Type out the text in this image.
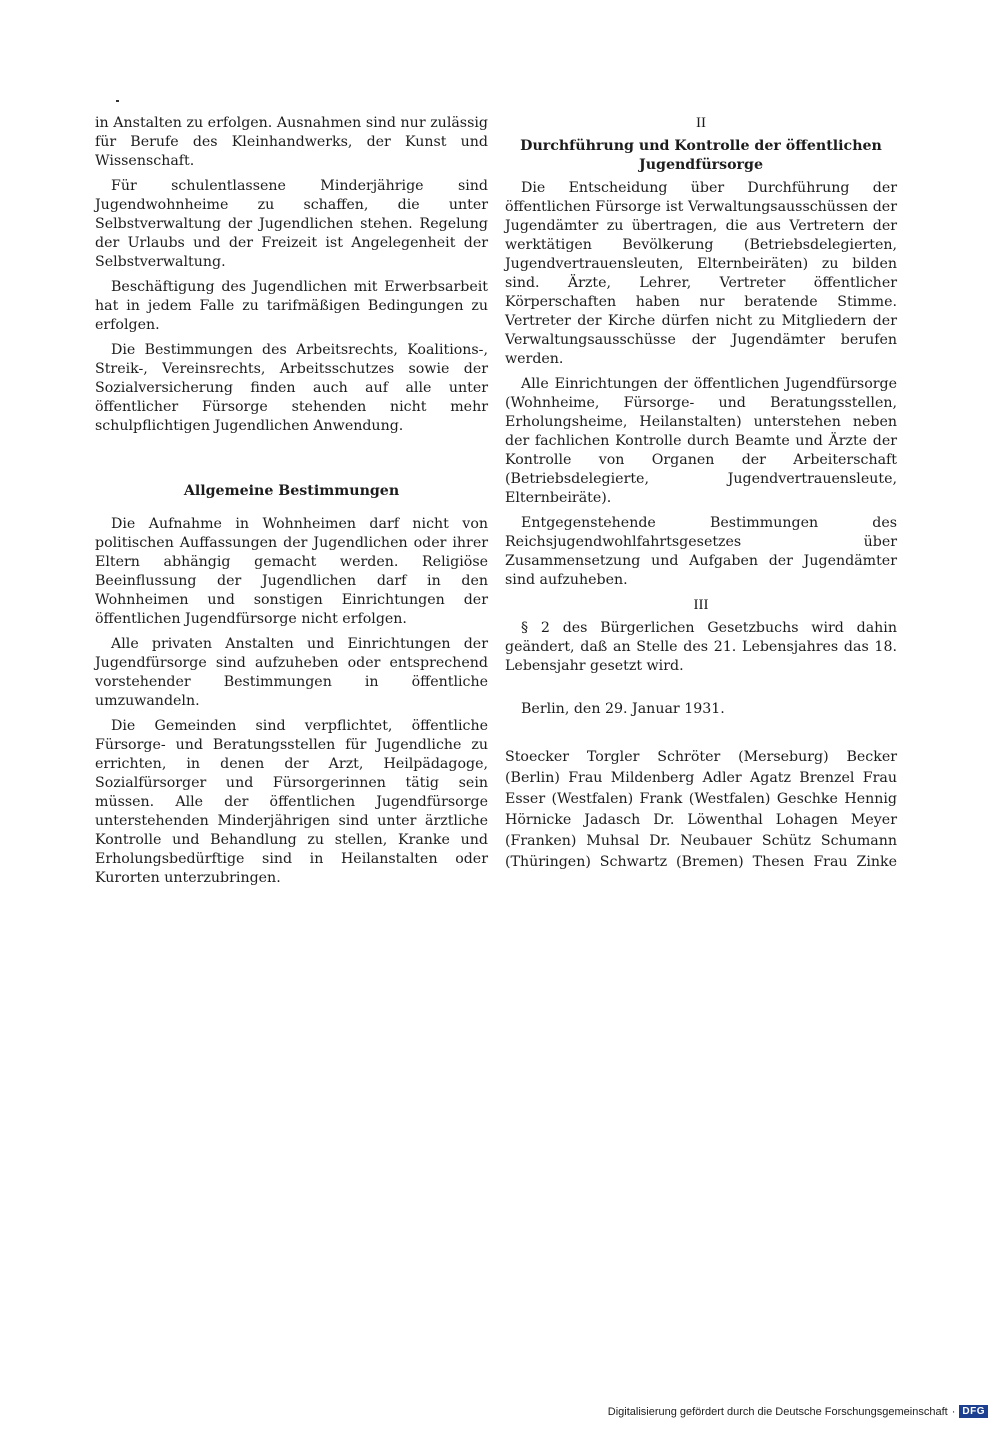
in Anstalten zu erfolgen. Ausnahmen sind nur zulässig für Berufe des Kleinhandwerks, der Kunst und Wissenschaft.

Für schulentlassene Minderjährige sind Jugendwohnheime zu schaffen, die unter Selbstverwaltung der Jugendlichen stehen. Regelung der Urlaubs und der Freizeit ist Angelegenheit der Selbstverwaltung.

Beschäftigung des Jugendlichen mit Erwerbsarbeit hat in jedem Falle zu tarifmäßigen Bedingungen zu erfolgen.

Die Bestimmungen des Arbeitsrechts, Koalitions-, Streik-, Vereinsrechts, Arbeitsschutzes sowie der Sozialversicherung finden auch auf alle unter öffentlicher Fürsorge stehenden nicht mehr schulpflichtigen Jugendlichen Anwendung.

Allgemeine Bestimmungen

Die Aufnahme in Wohnheimen darf nicht von politischen Auffassungen der Jugendlichen oder ihrer Eltern abhängig gemacht werden. Religiöse Beeinflussung der Jugendlichen darf in den Wohnheimen und sonstigen Einrichtungen der öffentlichen Jugendfürsorge nicht erfolgen.

Alle privaten Anstalten und Einrichtungen der Jugendfürsorge sind aufzuheben oder entsprechend vorstehender Bestimmungen in öffentliche umzuwandeln.

Die Gemeinden sind verpflichtet, öffentliche Fürsorge- und Beratungsstellen für Jugendliche zu errichten, in denen der Arzt, Heilpädagoge, Sozialfürsorger und Fürsorgerinnen tätig sein müssen. Alle der öffentlichen Jugendfürsorge unterstehenden Minderjährigen sind unter ärztliche Kontrolle und Behandlung zu stellen, Kranke und Erholungsbedürftige sind in Heilanstalten oder Kurorten unterzubringen.

II

Durchführung und Kontrolle der öffentlichen Jugendfürsorge

Die Entscheidung über Durchführung der öffentlichen Fürsorge ist Verwaltungsausschüssen der Jugendämter zu übertragen, die aus Vertretern der werktätigen Bevölkerung (Betriebsdelegierten, Jugendvertrauensleuten, Elternbeiräten) zu bilden sind. Ärzte, Lehrer, Vertreter öffentlicher Körperschaften haben nur beratende Stimme. Vertreter der Kirche dürfen nicht zu Mitgliedern der Verwaltungsausschüsse der Jugendämter berufen werden.

Alle Einrichtungen der öffentlichen Jugendfürsorge (Wohnheime, Fürsorge- und Beratungsstellen, Erholungsheime, Heilanstalten) unterstehen neben der fachlichen Kontrolle durch Beamte und Ärzte der Kontrolle von Organen der Arbeiterschaft (Betriebsdelegierte, Jugendvertrauensleute, Elternbeiräte).

Entgegenstehende Bestimmungen des Reichsjugendwohlfahrtsgesetzes über Zusammensetzung und Aufgaben der Jugendämter sind aufzuheben.

III

§ 2 des Bürgerlichen Gesetzbuchs wird dahin geändert, daß an Stelle des 21. Lebensjahres das 18. Lebensjahr gesetzt wird.

Berlin, den 29. Januar 1931.

Stoecker Torgler Schröter (Merseburg) Becker (Berlin) Frau Mildenberg Adler Agatz Brenzel Frau Esser (Westfalen) Frank (Westfalen) Geschke Hennig Hörnicke Jadasch Dr. Löwenthal Lohagen Meyer (Franken) Muhsal Dr. Neubauer Schütz Schumann (Thüringen) Schwartz (Bremen) Thesen Frau Zinke

Digitalisierung gefördert durch die Deutsche Forschungsgemeinschaft · DFG
